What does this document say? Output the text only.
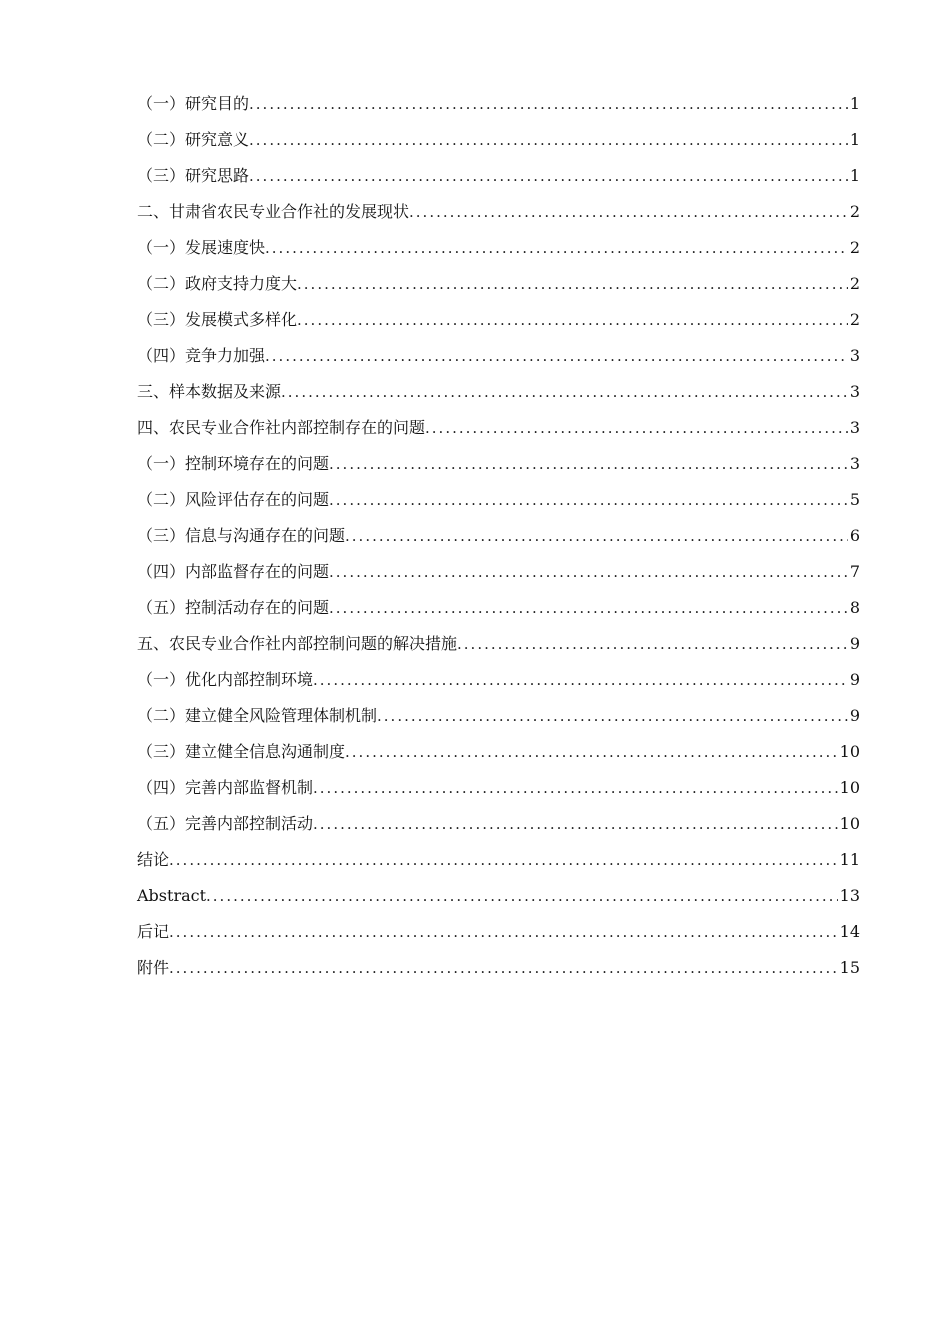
（一）研究目的 .....	1
（二）研究意义 .....	1
（三）研究思路 .....	1
二、甘肃省农民专业合作社的发展现状 .....	2
（一）发展速度快 .....	2
（二）政府支持力度大 .....	2
（三）发展模式多样化 .....	2
（四）竞争力加强 .....	3
三、样本数据及来源 .....	3
四、农民专业合作社内部控制存在的问题 .....	3
（一）控制环境存在的问题 .....	3
（二）风险评估存在的问题 .....	5
（三）信息与沟通存在的问题 .....	6
（四）内部监督存在的问题 .....	7
（五）控制活动存在的问题 .....	8
五、农民专业合作社内部控制问题的解决措施 .....	9
（一）优化内部控制环境 .....	9
（二）建立健全风险管理体制机制 .....	9
（三）建立健全信息沟通制度 .....	10
（四）完善内部监督机制 .....	10
（五）完善内部控制活动 .....	10
结论 .....	11
Abstract .....	13
后记 .....	14
附件 .....	15
